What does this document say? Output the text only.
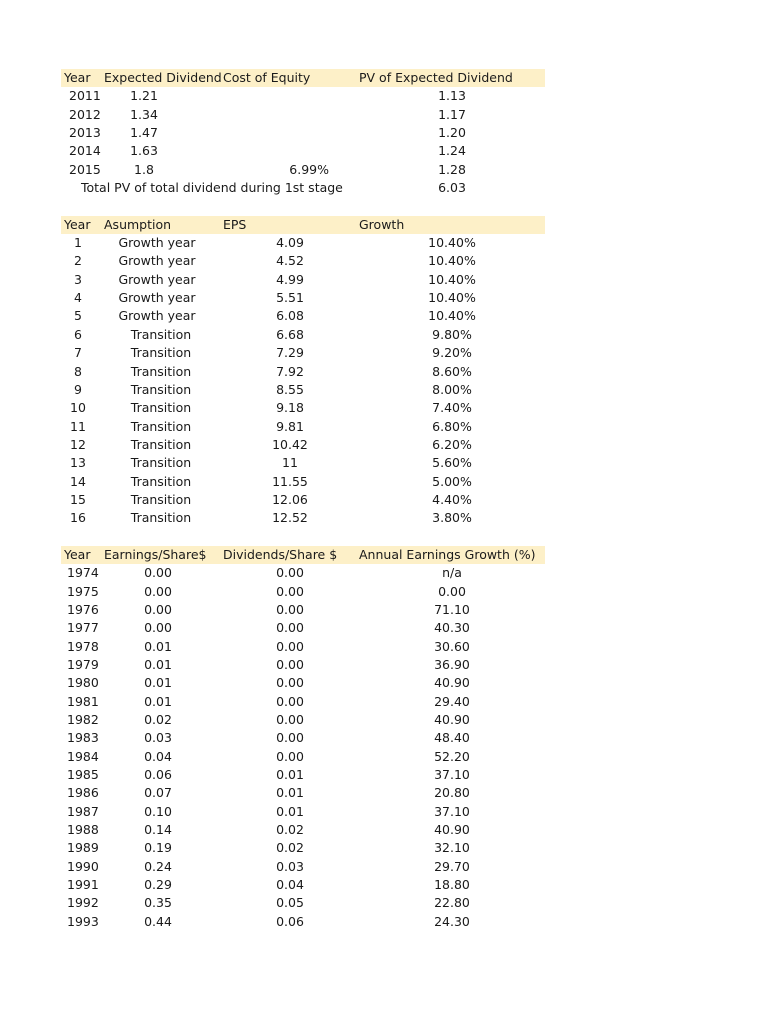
Year	Expected Dividend	Cost of Equity	PV of Expected Dividend
2011	1.21		1.13
2012	1.34		1.17
2013	1.47		1.20
2014	1.63		1.24
2015	1.8	6.99%	1.28
Total PV of total dividend during 1st stage			6.03
Year	Asumption	EPS	Growth
1	Growth year	4.09	10.40%
2	Growth year	4.52	10.40%
3	Growth year	4.99	10.40%
4	Growth year	5.51	10.40%
5	Growth year	6.08	10.40%
6	Transition	6.68	9.80%
7	Transition	7.29	9.20%
8	Transition	7.92	8.60%
9	Transition	8.55	8.00%
10	Transition	9.18	7.40%
11	Transition	9.81	6.80%
12	Transition	10.42	6.20%
13	Transition	11	5.60%
14	Transition	11.55	5.00%
15	Transition	12.06	4.40%
16	Transition	12.52	3.80%
Year	Earnings/Share$	Dividends/Share $	Annual Earnings Growth (%)
1974	0.00	0.00	n/a
1975	0.00	0.00	0.00
1976	0.00	0.00	71.10
1977	0.00	0.00	40.30
1978	0.01	0.00	30.60
1979	0.01	0.00	36.90
1980	0.01	0.00	40.90
1981	0.01	0.00	29.40
1982	0.02	0.00	40.90
1983	0.03	0.00	48.40
1984	0.04	0.00	52.20
1985	0.06	0.01	37.10
1986	0.07	0.01	20.80
1987	0.10	0.01	37.10
1988	0.14	0.02	40.90
1989	0.19	0.02	32.10
1990	0.24	0.03	29.70
1991	0.29	0.04	18.80
1992	0.35	0.05	22.80
1993	0.44	0.06	24.30
